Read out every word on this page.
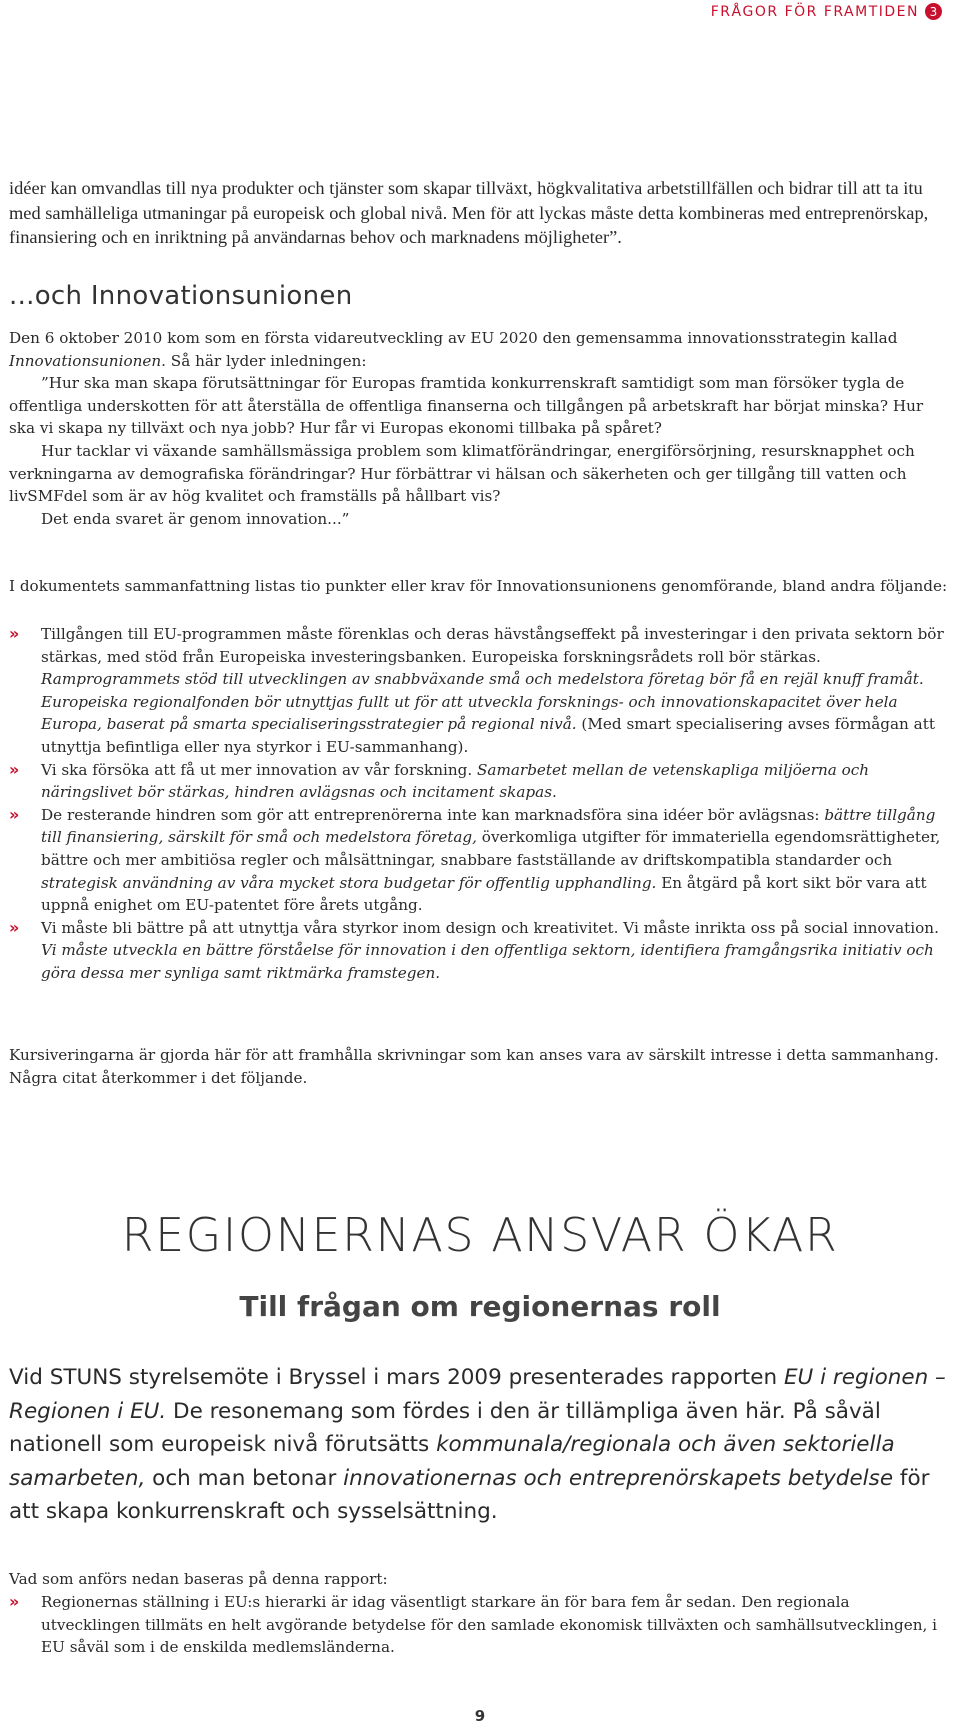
FRÅGOR FÖR FRAMTIDEN 3
idéer kan omvandlas till nya produkter och tjänster som skapar tillväxt, högkvalitativa arbetstillfällen och bidrar till att ta itu med samhälleliga utmaningar på europeisk och global nivå. Men för att lyckas måste detta kombineras med entreprenörskap, finansiering och en inriktning på användarnas behov och marknadens möjligheter”.
...och Innovationsunionen

Den 6 oktober 2010 kom som en första vidareutveckling av EU 2020 den gemensamma innovationsstrategin kallad Innovationsunionen. Så här lyder inledningen:

”Hur ska man skapa förutsättningar för Europas framtida konkurrenskraft samtidigt som man försöker tygla de offentliga underskotten för att återställa de offentliga finanserna och tillgången på arbetskraft har börjat minska? Hur ska vi skapa ny tillväxt och nya jobb? Hur får vi Europas ekonomi tillbaka på spåret?

Hur tacklar vi växande samhällsmässiga problem som klimatförändringar, energiförsörjning, resursknapphet och verkningarna av demografiska förändringar? Hur förbättrar vi hälsan och säkerheten och ger tillgång till vatten och livSMFdel som är av hög kvalitet och framställs på hållbart vis?

Det enda svaret är genom innovation...”

I dokumentets sammanfattning listas tio punkter eller krav för Innovationsunionens genomförande, bland andra följande:

» Tillgången till EU-programmen måste förenklas och deras hävstångseffekt på investeringar i den privata sektorn bör stärkas, med stöd från Europeiska investeringsbanken. Europeiska forskningsrådets roll bör stärkas. Ramprogrammets stöd till utvecklingen av snabbväxande små och medelstora företag bör få en rejäl knuff framåt. Europeiska regionalfonden bör utnyttjas fullt ut för att utveckla forsknings- och innovationskapacitet över hela Europa, baserat på smarta specialiseringsstrategier på regional nivå. (Med smart specialisering avses förmågan att utnyttja befintliga eller nya styrkor i EU-sammanhang).
» Vi ska försöka att få ut mer innovation av vår forskning. Samarbetet mellan de vetenskapliga miljöerna och näringslivet bör stärkas, hindren avlägsnas och incitament skapas.
» De resterande hindren som gör att entreprenörerna inte kan marknadsföra sina idéer bör avlägsnas: bättre tillgång till finansiering, särskilt för små och medelstora företag, överkomliga utgifter för immateriella egendomsrättigheter, bättre och mer ambitiösa regler och målsättningar, snabbare fastställande av driftskompatibla standarder och strategisk användning av våra mycket stora budgetar för offentlig upphandling. En åtgärd på kort sikt bör vara att uppnå enighet om EU-patentet före årets utgång.
» Vi måste bli bättre på att utnyttja våra styrkor inom design och kreativitet. Vi måste inrikta oss på social innovation. Vi måste utveckla en bättre förståelse för innovation i den offentliga sektorn, identifiera framgångsrika initiativ och göra dessa mer synliga samt riktmärka framstegen.

Kursiveringarna är gjorda här för att framhålla skrivningar som kan anses vara av särskilt intresse i detta sammanhang. Några citat återkommer i det följande.

REGIONERNAS ANSVAR ÖKAR
Till frågan om regionernas roll

Vid STUNS styrelsemöte i Bryssel i mars 2009 presenterades rapporten EU i regionen – Regionen i EU. De resonemang som fördes i den är tillämpliga även här. På såväl nationell som europeisk nivå förutsätts kommunala/regionala och även sektoriella samarbeten, och man betonar innovationernas och entreprenörskapets betydelse för att skapa konkurrenskraft och sysselsättning.

Vad som anförs nedan baseras på denna rapport:

» Regionernas ställning i EU:s hierarki är idag väsentligt starkare än för bara fem år sedan. Den regionala utvecklingen tillmäts en helt avgörande betydelse för den samlade ekonomisk tillväxten och samhällsutvecklingen, i EU såväl som i de enskilda medlemsländerna.
9
